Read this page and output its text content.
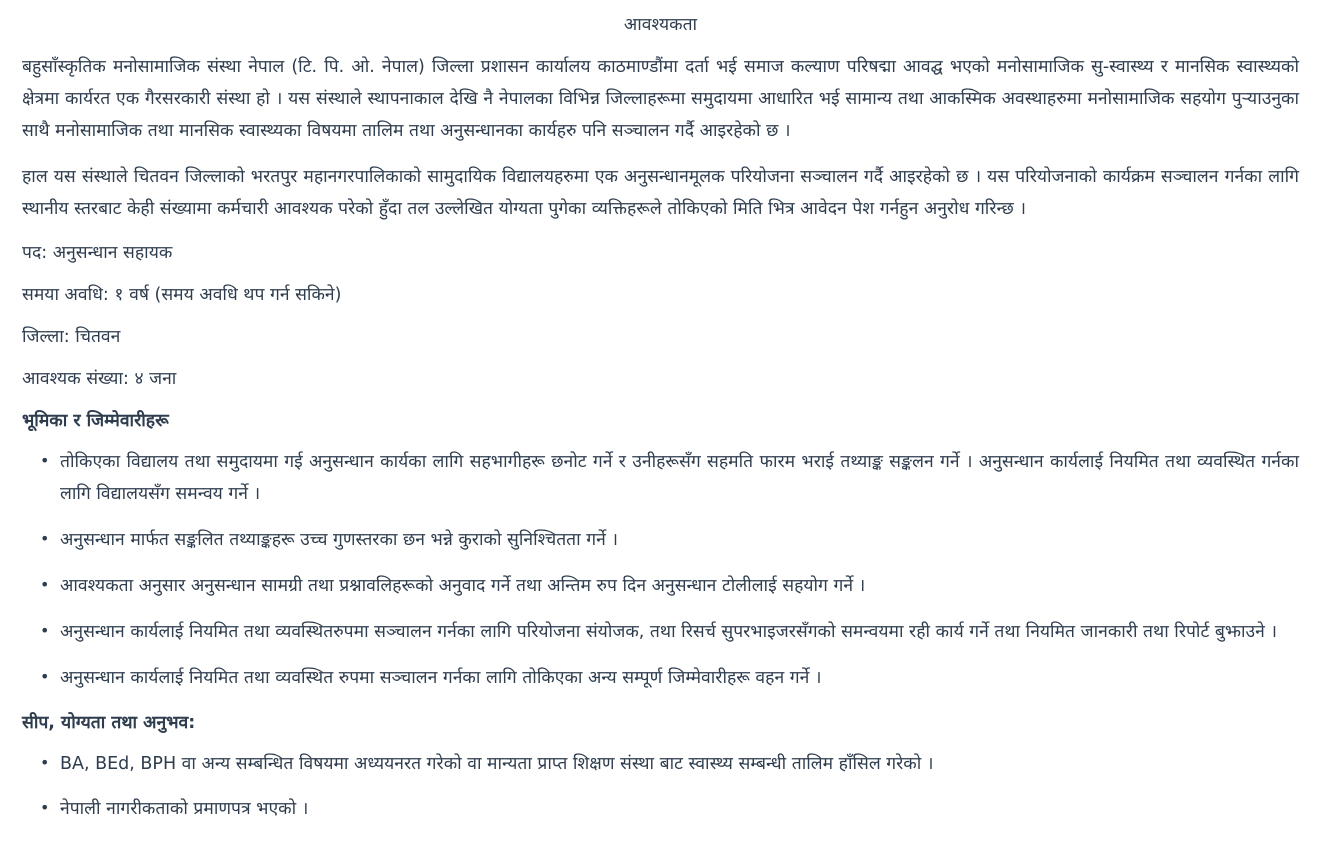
आवश्यकता

बहुसाँस्कृतिक मनोसामाजिक संस्था नेपाल (टि. पि. ओ. नेपाल) जिल्ला प्रशासन कार्यालय काठमाण्डौंमा दर्ता भई समाज कल्याण परिषद्मा आवद्घ भएको मनोसामाजिक सु-स्वास्थ्य र मानसिक स्वास्थ्यको क्षेत्रमा कार्यरत एक गैरसरकारी संस्था हो । यस संस्थाले स्थापनाकाल देखि नै नेपालका विभिन्न जिल्लाहरूमा समुदायमा आधारित भई सामान्य तथा आकस्मिक अवस्थाहरुमा मनोसामाजिक सहयोग पुर्‍याउनुका साथै मनोसामाजिक तथा मानसिक स्वास्थ्यका विषयमा तालिम तथा अनुसन्धानका कार्यहरु पनि सञ्चालन गर्दै आइरहेको छ ।

हाल यस संस्थाले चितवन जिल्लाको भरतपुर महानगरपालिकाको सामुदायिक विद्यालयहरुमा एक अनुसन्धानमूलक परियोजना सञ्चालन गर्दै आइरहेको छ । यस परियोजनाको कार्यक्रम सञ्चालन गर्नका लागि स्थानीय स्तरबाट केही संख्यामा कर्मचारी आवश्यक परेको हुँदा तल उल्लेखित योग्यता पुगेका व्यक्तिहरूले तोकिएको मिति भित्र आवेदन पेश गर्नहुन अनुरोध गरिन्छ ।

पद: अनुसन्धान सहायक

समया अवधि: १ वर्ष (समय अवधि थप गर्न सकिने)

जिल्ला: चितवन

आवश्यक संख्या: ४ जना

भूमिका र जिम्मेवारीहरू
• तोकिएका विद्यालय तथा समुदायमा गई अनुसन्धान कार्यका लागि सहभागीहरू छनोट गर्ने र उनीहरूसँग सहमति फारम भराई तथ्याङ्क सङ्कलन गर्ने । अनुसन्धान कार्यलाई नियमित तथा व्यवस्थित गर्नका लागि विद्यालयसँग समन्वय गर्ने ।
• अनुसन्धान मार्फत सङ्कलित तथ्याङ्कहरू उच्च गुणस्तरका छन भन्ने कुराको सुनिश्चितता गर्ने ।
• आवश्यकता अनुसार अनुसन्धान सामग्री तथा प्रश्नावलिहरूको अनुवाद गर्ने तथा अन्तिम रुप दिन अनुसन्धान टोलीलाई सहयोग गर्ने ।
• अनुसन्धान कार्यलाई नियमित तथा व्यवस्थितरुपमा सञ्चालन गर्नका लागि परियोजना संयोजक, तथा रिसर्च सुपरभाइजरसँगको समन्वयमा रही कार्य गर्ने तथा नियमित जानकारी तथा रिपोर्ट बुझाउने ।
• अनुसन्धान कार्यलाई नियमित तथा व्यवस्थित रुपमा सञ्चालन गर्नका लागि तोकिएका अन्य सम्पूर्ण जिम्मेवारीहरू वहन गर्ने ।
सीप, योग्यता तथा अनुभव:
• BA, BEd, BPH वा अन्य सम्बन्धित विषयमा अध्ययनरत गरेको वा मान्यता प्राप्त शिक्षण संस्था बाट स्वास्थ्य सम्बन्धी तालिम हाँसिल गरेको ।
• नेपाली नागरीकताको प्रमाणपत्र भएको ।
